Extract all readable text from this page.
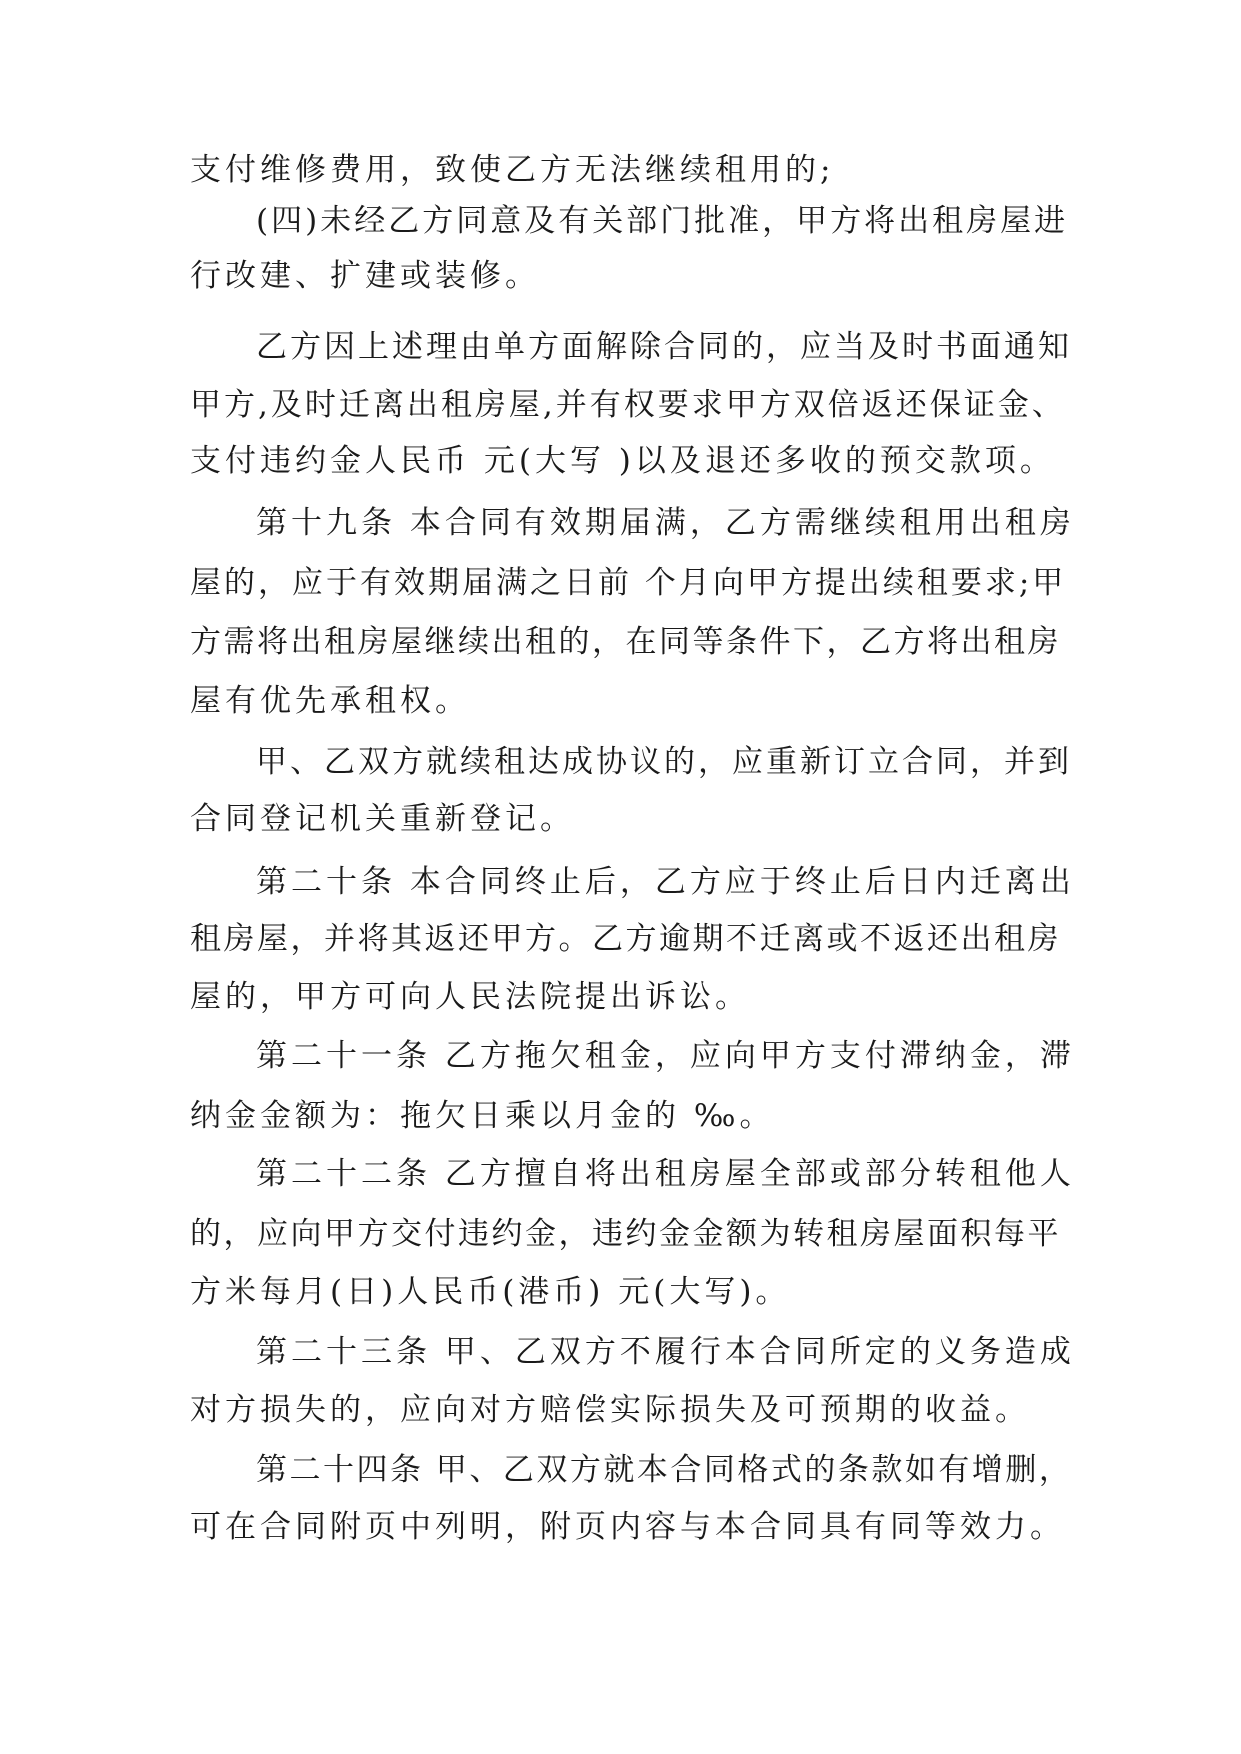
支付维修费用，致使乙方无法继续租用的;
(四)未经乙方同意及有关部门批准，甲方将出租房屋进
行改建、扩建或装修。
乙方因上述理由单方面解除合同的，应当及时书面通知
甲方,及时迁离出租房屋,并有权要求甲方双倍返还保证金、
支付违约金人民币 元(大写 )以及退还多收的预交款项。
第十九条 本合同有效期届满，乙方需继续租用出租房
屋的，应于有效期届满之日前 个月向甲方提出续租要求;甲
方需将出租房屋继续出租的，在同等条件下，乙方将出租房
屋有优先承租权。
甲、乙双方就续租达成协议的，应重新订立合同，并到
合同登记机关重新登记。
第二十条 本合同终止后，乙方应于终止后日内迁离出
租房屋，并将其返还甲方。乙方逾期不迁离或不返还出租房
屋的，甲方可向人民法院提出诉讼。
第二十一条 乙方拖欠租金，应向甲方支付滞纳金，滞
纳金金额为：拖欠日乘以月金的 ‰。
第二十二条 乙方擅自将出租房屋全部或部分转租他人
的，应向甲方交付违约金，违约金金额为转租房屋面积每平
方米每月(日)人民币(港币) 元(大写)。
第二十三条 甲、乙双方不履行本合同所定的义务造成
对方损失的，应向对方赔偿实际损失及可预期的收益。
第二十四条 甲、乙双方就本合同格式的条款如有增删，
可在合同附页中列明，附页内容与本合同具有同等效力。
